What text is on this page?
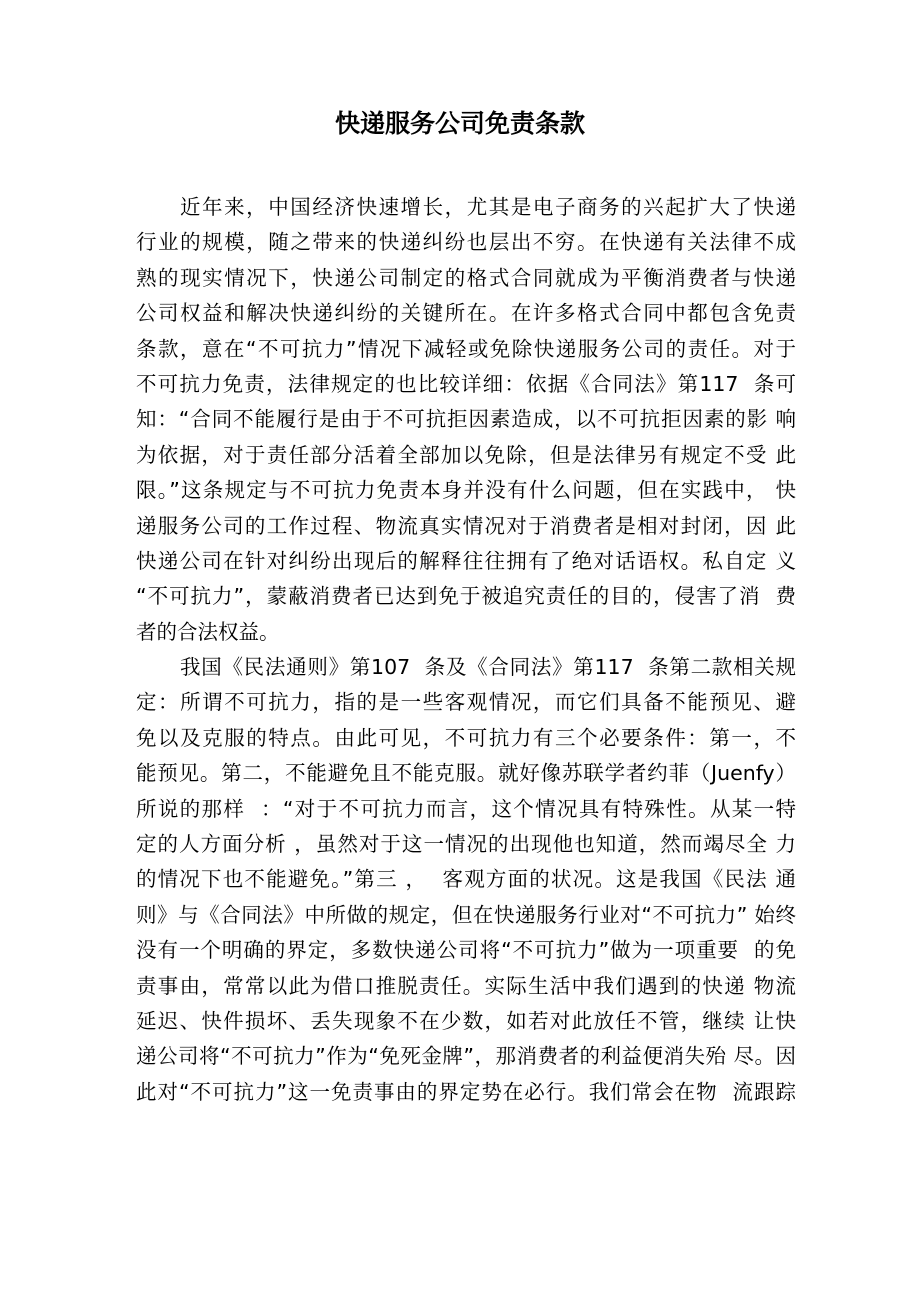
快递服务公司免责条款
近年来，中国经济快速增长，尤其是电子商务的兴起扩大了快递
行业的规模，随之带来的快递纠纷也层出不穷。在快递有关法律不成
熟的现实情况下，快递公司制定的格式合同就成为平衡消费者与快递
公司权益和解决快递纠纷的关键所在。在许多格式合同中都包含免责
条款，意在“不可抗力”情况下减轻或免除快递服务公司的责任。对于
不可抗力免责，法律规定的也比较详细：依据《合同法》第117  条可
知：“合同不能履行是由于不可抗拒因素造成，以不可抗拒因素的影 响
为依据，对于责任部分活着全部加以免除，但是法律另有规定不受 此
限。”这条规定与不可抗力免责本身并没有什么问题，但在实践中， 快
递服务公司的工作过程、物流真实情况对于消费者是相对封闭，因 此
快递公司在针对纠纷出现后的解释往往拥有了绝对话语权。私自定 义
“不可抗力”，蒙蔽消费者已达到免于被追究责任的目的，侵害了消  费
者的合法权益。
我国《民法通则》第107  条及《合同法》第117  条第二款相关规
定：所谓不可抗力，指的是一些客观情况，而它们具备不能预见、避
免以及克服的特点。由此可见，不可抗力有三个必要条件：第一，不
能预见。第二，不能避免且不能克服。就好像苏联学者约菲（Juenfy）
所说的那样  ：“对于不可抗力而言，这个情况具有特殊性。从某一特
定的人方面分析 ，虽然对于这一情况的出现他也知道，然而竭尽全 力
的情况下也不能避免。”第三 ，  客观方面的状况。这是我国《民法 通
则》与《合同法》中所做的规定，但在快递服务行业对“不可抗力” 始终
没有一个明确的界定，多数快递公司将“不可抗力”做为一项重要  的免
责事由，常常以此为借口推脱责任。实际生活中我们遇到的快递 物流
延迟、快件损坏、丢失现象不在少数，如若对此放任不管，继续 让快
递公司将“不可抗力”作为“免死金牌”，那消费者的利益便消失殆 尽。因
此对“不可抗力”这一免责事由的界定势在必行。我们常会在物  流跟踪
